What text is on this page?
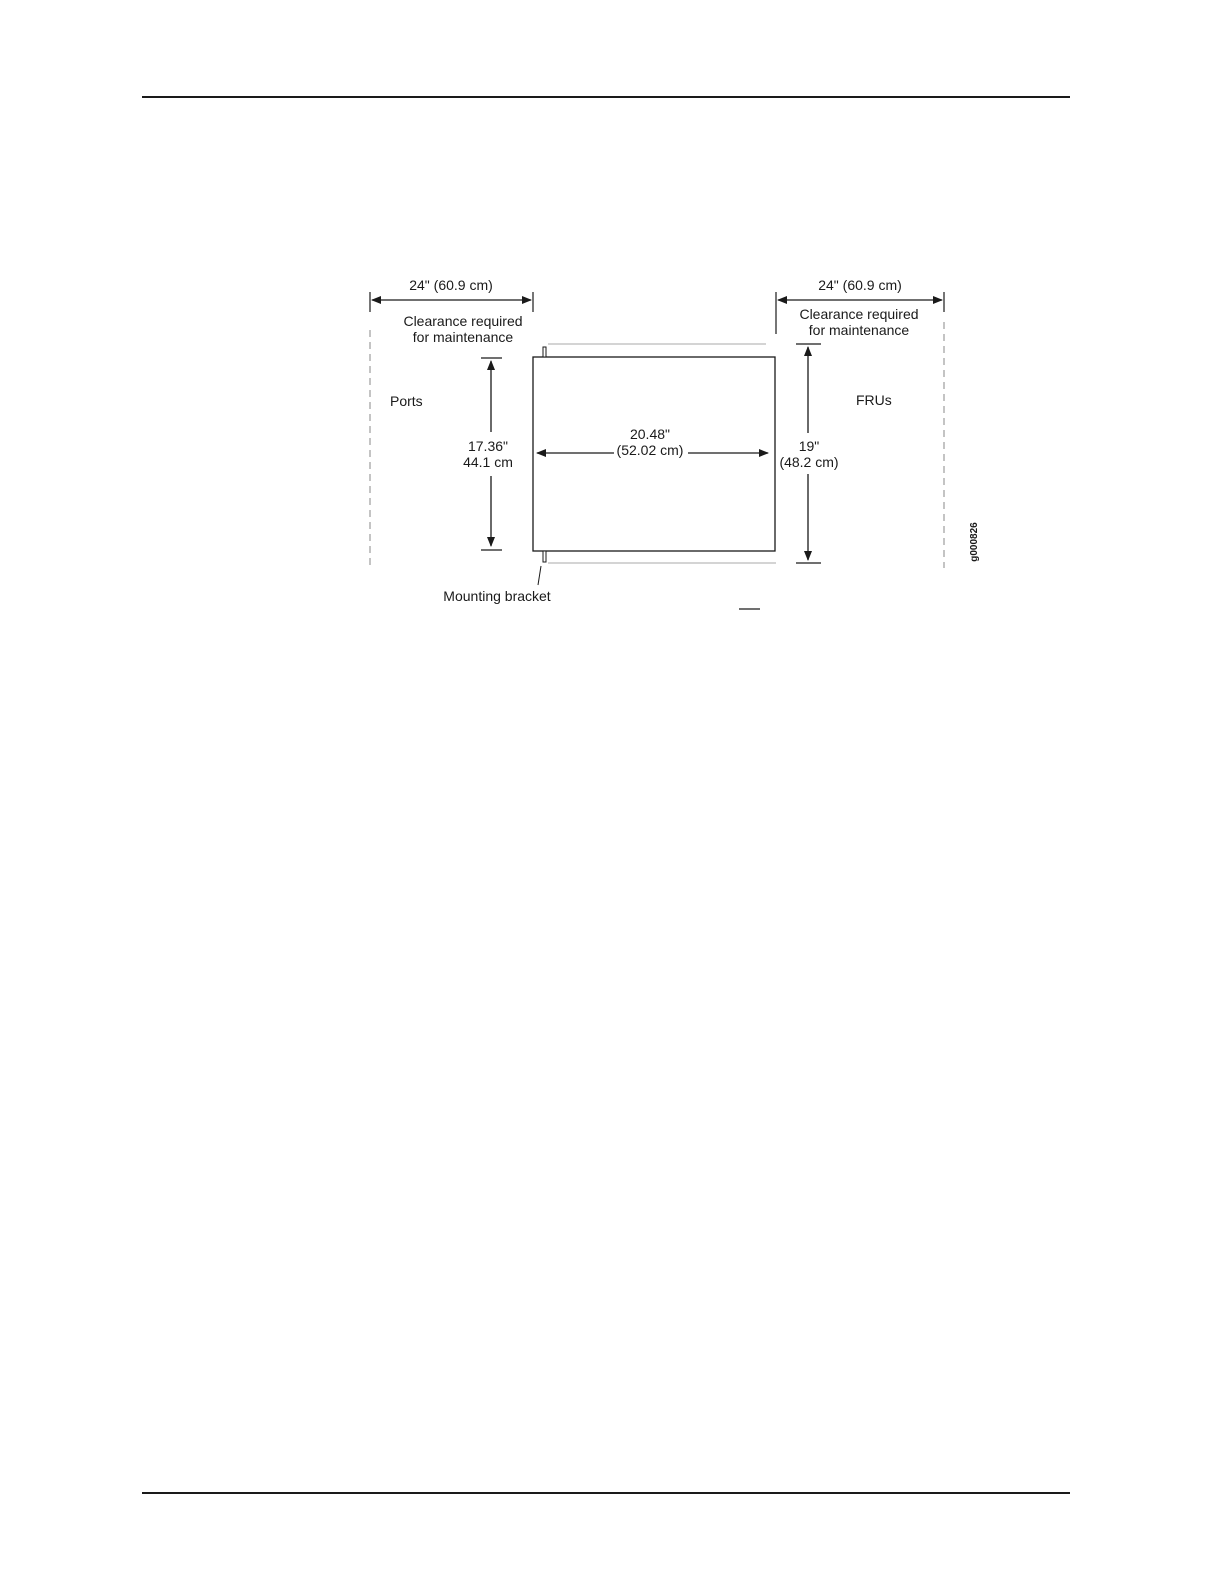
24" (60.9 cm)
Clearance required
for maintenance
24" (60.9 cm)
Clearance required
for maintenance
Mounting bracket
Ports	FRUs
17.36"
44.1 cm
20.48"
(52.02 cm)	19"
(48.2 cm)
g000826
